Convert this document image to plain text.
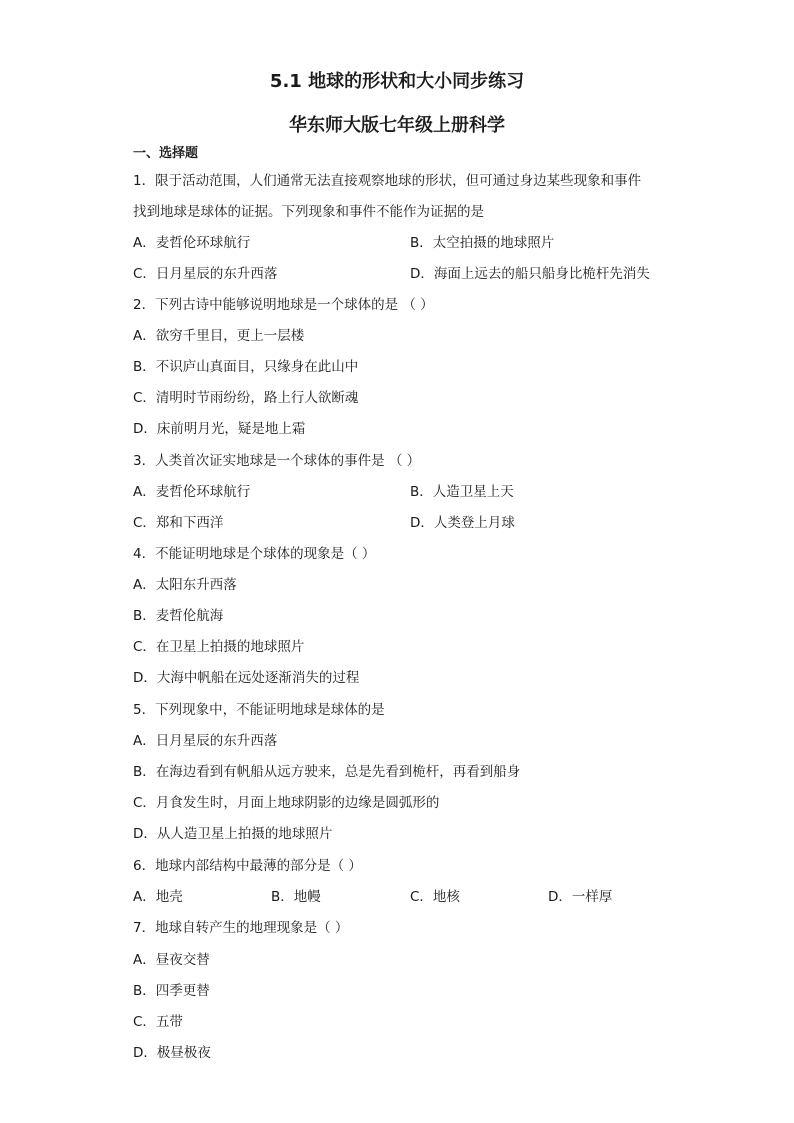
5.1 地球的形状和大小同步练习
华东师大版七年级上册科学

一、选择题

1．限于活动范围，人们通常无法直接观察地球的形状，但可通过身边某些现象和事件

找到地球是球体的证据。下列现象和事件不能作为证据的是

A．麦哲伦环球航行	B．太空拍摄的地球照片

C．日月星辰的东升西落	D．海面上远去的船只船身比桅杆先消失

2．下列古诗中能够说明地球是一个球体的是 （ ）

A．欲穷千里目，更上一层楼

B．不识庐山真面目，只缘身在此山中

C．清明时节雨纷纷，路上行人欲断魂

D．床前明月光，疑是地上霜

3．人类首次证实地球是一个球体的事件是 （ ）

A．麦哲伦环球航行	B．人造卫星上天

C．郑和下西洋	D．人类登上月球

4．不能证明地球是个球体的现象是（ ）

A．太阳东升西落

B．麦哲伦航海

C．在卫星上拍摄的地球照片

D．大海中帆船在远处逐渐消失的过程

5．下列现象中，不能证明地球是球体的是

A．日月星辰的东升西落

B．在海边看到有帆船从远方驶来，总是先看到桅杆，再看到船身

C．月食发生时，月面上地球阴影的边缘是圆弧形的

D．从人造卫星上拍摄的地球照片

6．地球内部结构中最薄的部分是（ ）

A．地壳	B．地幔	C．地核	D．一样厚

7．地球自转产生的地理现象是（ ）

A．昼夜交替

B．四季更替

C．五带

D．极昼极夜
